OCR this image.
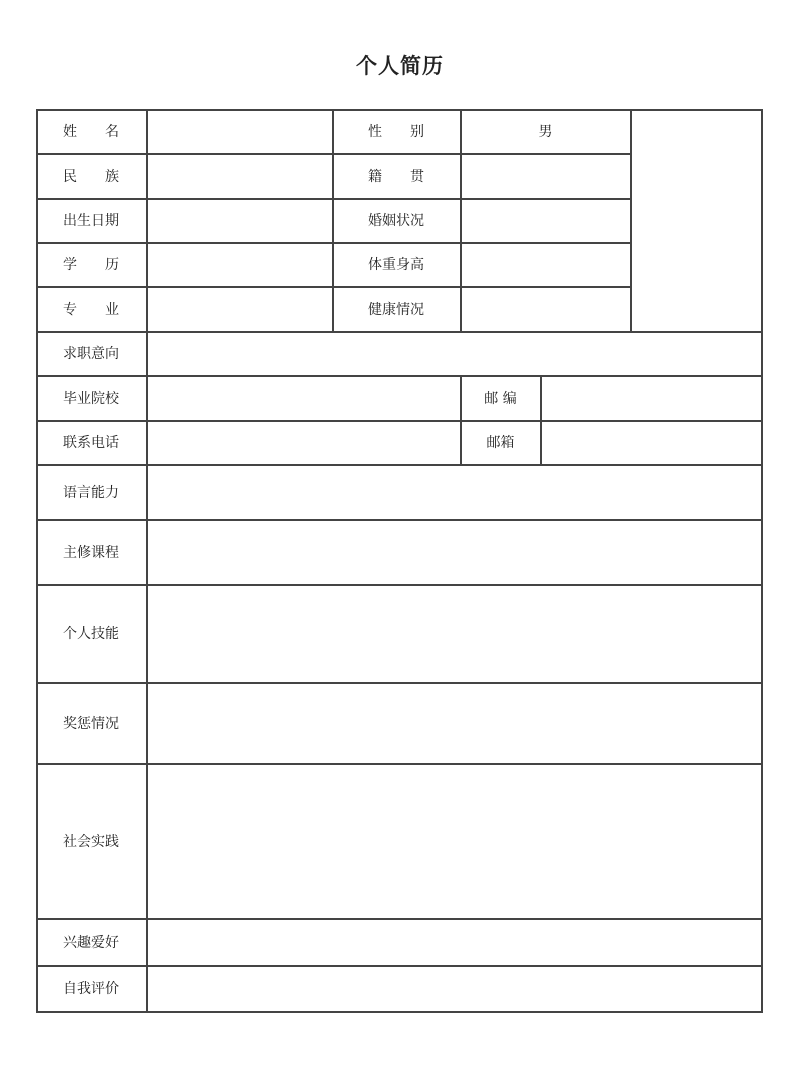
个人简历
姓　　名	性　　别	男
民　　族	籍　　贯
出生日期	婚姻状况
学　　历	体重身高
专　　业	健康情况
求职意向
毕业院校	邮 编
联系电话	邮箱
语言能力
主修课程
个人技能
奖惩情况
社会实践
兴趣爱好
自我评价
